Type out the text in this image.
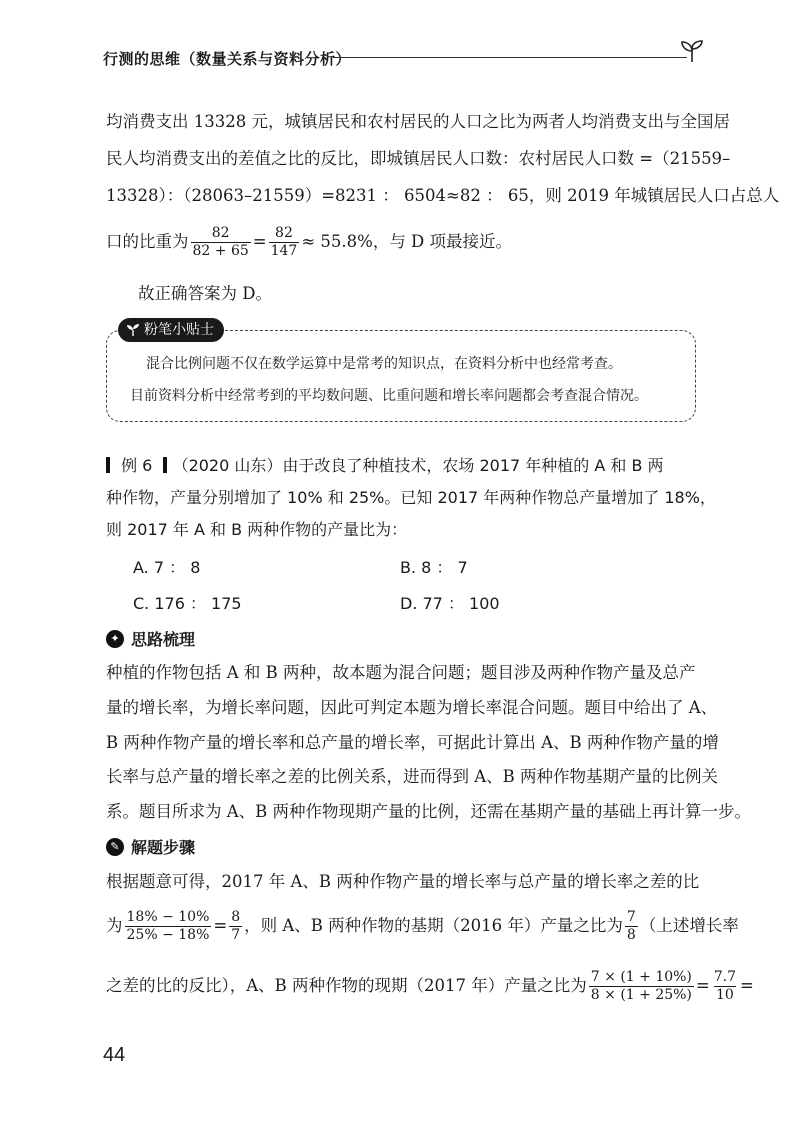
行测的思维（数量关系与资料分析）
均消费支出 13328 元，城镇居民和农村居民的人口之比为两者人均消费支出与全国居
民人均消费支出的差值之比的反比，即城镇居民人口数：农村居民人口数 =（21559–
13328）：（28063–21559）=8231 ： 6504≈82 ： 65，则 2019 年城镇居民人口占总人
口的比重为 $\frac{82}{82 + 65} = \frac{82}{147} \approx 55.8\%$，与 D 项最接近。
故正确答案为 D。
粉笔小贴士
混合比例问题不仅在数学运算中是常考的知识点，在资料分析中也经常考查。
目前资料分析中经常考到的平均数问题、比重问题和增长率问题都会考查混合情况。
例 6 （2020 山东）由于改良了种植技术，农场 2017 年种植的 A 和 B 两
种作物，产量分别增加了 10% 和 25%。已知 2017 年两种作物总产量增加了 18%，
则 2017 年 A 和 B 两种作物的产量比为：
A. 7 ： 8	B. 8 ： 7
C. 176 ： 175	D. 77 ： 100
✦ 思路梳理
种植的作物包括 A 和 B 两种，故本题为混合问题；题目涉及两种作物产量及总产
量的增长率，为增长率问题，因此可判定本题为增长率混合问题。题目中给出了 A、
B 两种作物产量的增长率和总产量的增长率，可据此计算出 A、B 两种作物产量的增
长率与总产量的增长率之差的比例关系，进而得到 A、B 两种作物基期产量的比例关
系。题目所求为 A、B 两种作物现期产量的比例，还需在基期产量的基础上再计算一步。
✎ 解题步骤
根据题意可得，2017 年 A、B 两种作物产量的增长率与总产量的增长率之差的比
为 $\frac{18\% - 10\%}{25\% - 18\%} = \frac{8}{7}$ ，则 A、B 两种作物的基期（2016 年）产量之比为 $\frac{7}{8}$ （上述增长率
之差的比的反比），A、B 两种作物的现期（2017 年）产量之比为 $\frac{7 \times (1 + 10\%)}{8 \times (1 + 25\%)} = \frac{7.7}{10}$ =
44
